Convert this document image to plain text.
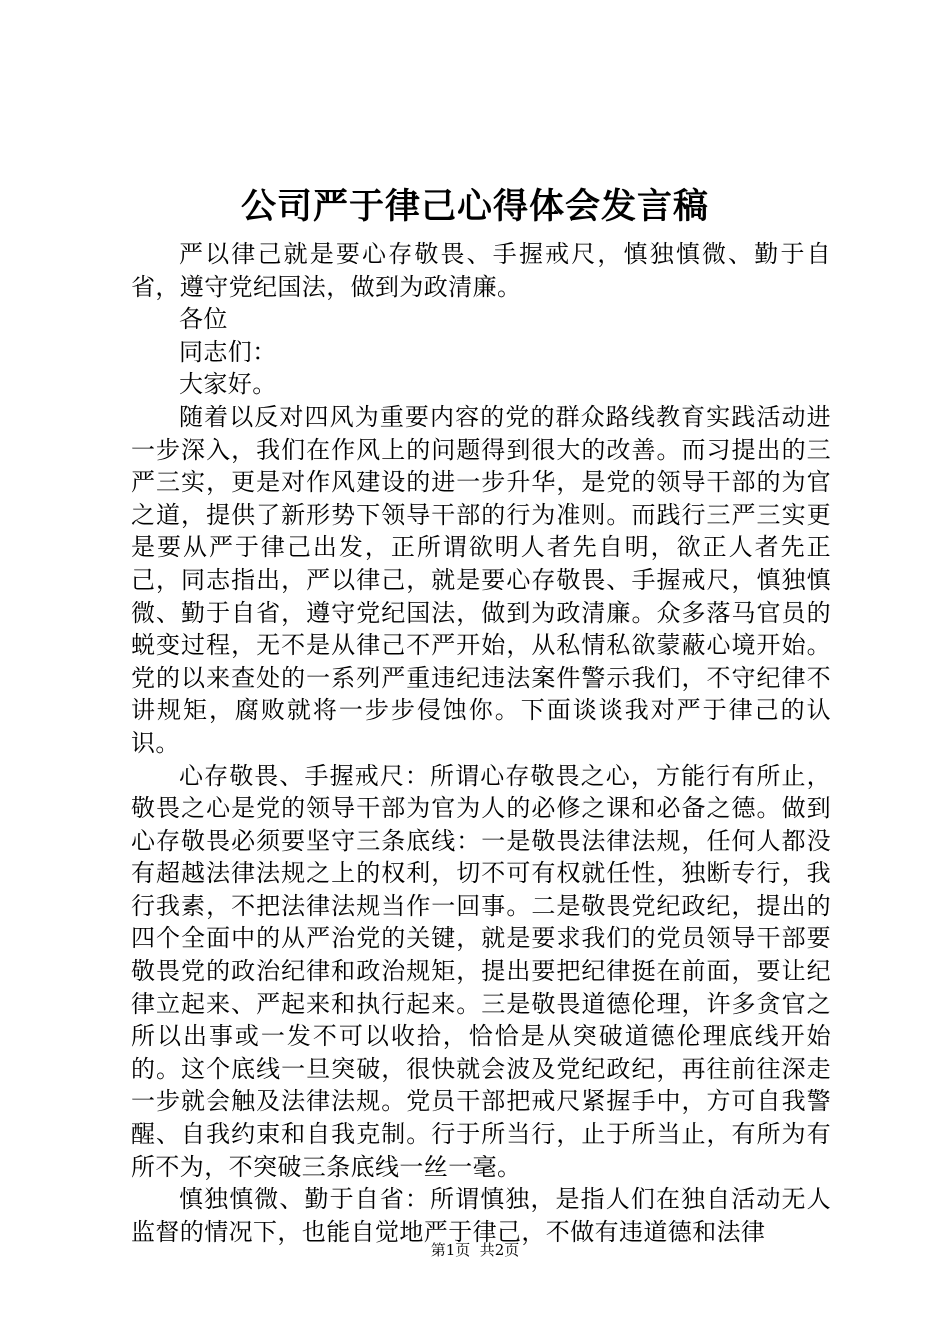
公司严于律己心得体会发言稿

严以律己就是要心存敬畏、手握戒尺，慎独慎微、勤于自省，遵守党纪国法，做到为政清廉。

各位

同志们：

大家好。

随着以反对四风为重要内容的党的群众路线教育实践活动进一步深入，我们在作风上的问题得到很大的改善。而习提出的三严三实，更是对作风建设的进一步升华，是党的领导干部的为官之道，提供了新形势下领导干部的行为准则。而践行三严三实更是要从严于律己出发，正所谓欲明人者先自明，欲正人者先正己，同志指出，严以律己，就是要心存敬畏、手握戒尺，慎独慎微、勤于自省，遵守党纪国法，做到为政清廉。众多落马官员的蜕变过程，无不是从律己不严开始，从私情私欲蒙蔽心境开始。党的以来查处的一系列严重违纪违法案件警示我们，不守纪律不讲规矩，腐败就将一步步侵蚀你。下面谈谈我对严于律己的认识。

心存敬畏、手握戒尺：所谓心存敬畏之心，方能行有所止，敬畏之心是党的领导干部为官为人的必修之课和必备之德。做到心存敬畏必须要坚守三条底线：一是敬畏法律法规，任何人都没有超越法律法规之上的权利，切不可有权就任性，独断专行，我行我素，不把法律法规当作一回事。二是敬畏党纪政纪，提出的四个全面中的从严治党的关键，就是要求我们的党员领导干部要敬畏党的政治纪律和政治规矩，提出要把纪律挺在前面，要让纪律立起来、严起来和执行起来。三是敬畏道德伦理，许多贪官之所以出事或一发不可以收拾，恰恰是从突破道德伦理底线开始的。这个底线一旦突破，很快就会波及党纪政纪，再往前往深走一步就会触及法律法规。党员干部把戒尺紧握手中，方可自我警醒、自我约束和自我克制。行于所当行，止于所当止，有所为有所不为，不突破三条底线一丝一毫。

慎独慎微、勤于自省：所谓慎独，是指人们在独自活动无人监督的情况下，也能自觉地严于律己，不做有违道德和法律

第1页  共2页
